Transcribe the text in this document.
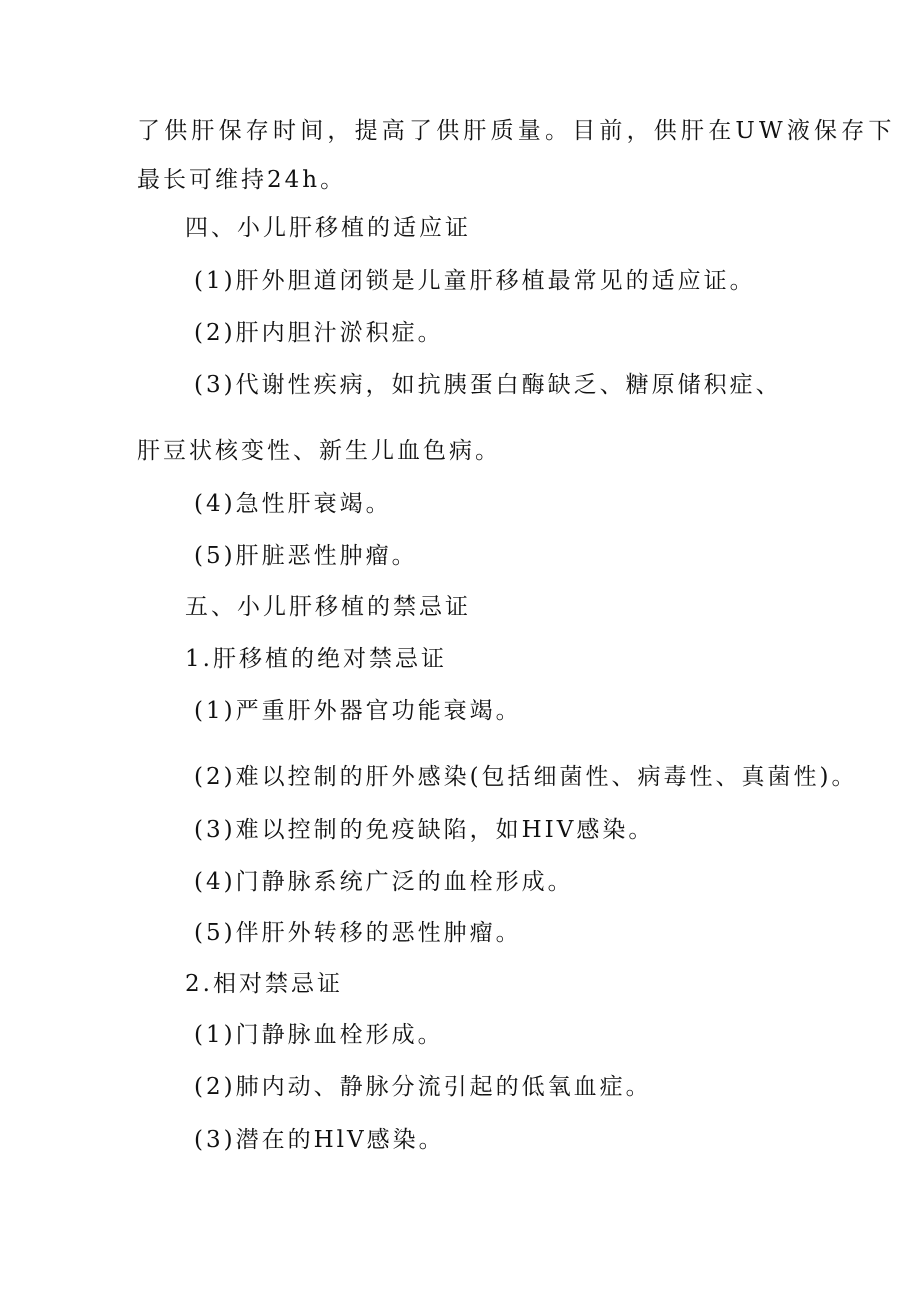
了供肝保存时间，提高了供肝质量。目前，供肝在UW液保存下
最长可维持24h。
四、小儿肝移植的适应证
(1)肝外胆道闭锁是儿童肝移植最常见的适应证。
(2)肝内胆汁淤积症。
(3)代谢性疾病，如抗胰蛋白酶缺乏、糖原储积症、
肝豆状核变性、新生儿血色病。
(4)急性肝衰竭。
(5)肝脏恶性肿瘤。
五、小儿肝移植的禁忌证
1.肝移植的绝对禁忌证
(1)严重肝外器官功能衰竭。
(2)难以控制的肝外感染(包括细菌性、病毒性、真菌性)。
(3)难以控制的免疫缺陷，如HIV感染。
(4)门静脉系统广泛的血栓形成。
(5)伴肝外转移的恶性肿瘤。
2.相对禁忌证
(1)门静脉血栓形成。
(2)肺内动、静脉分流引起的低氧血症。
(3)潜在的HlV感染。
